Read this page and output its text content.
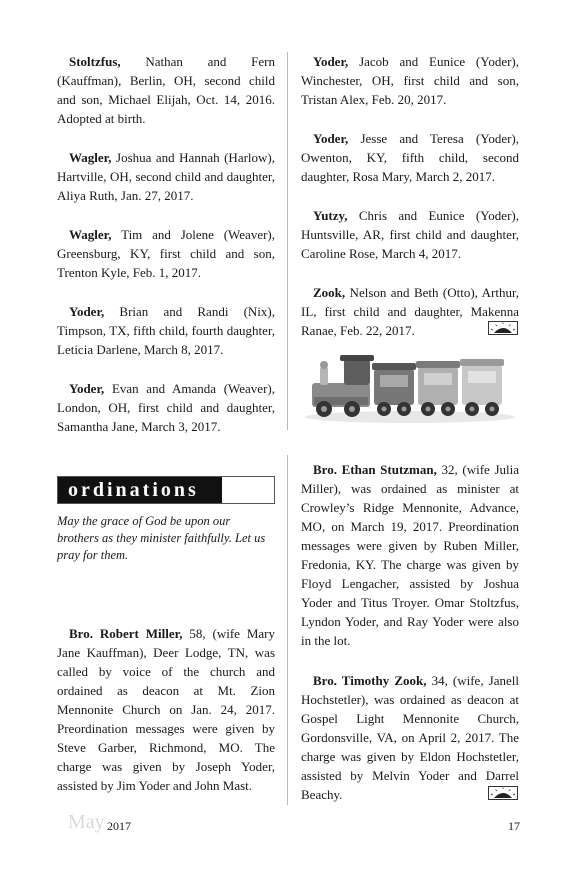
Stoltzfus, Nathan and Fern (Kauffman), Berlin, OH, second child and son, Michael Elijah, Oct. 14, 2016. Adopted at birth.

Wagler, Joshua and Hannah (Harlow), Hartville, OH, second child and daughter, Aliya Ruth, Jan. 27, 2017.

Wagler, Tim and Jolene (Weaver), Greensburg, KY, first child and son, Trenton Kyle, Feb. 1, 2017.

Yoder, Brian and Randi (Nix), Timpson, TX, fifth child, fourth daughter, Leticia Darlene, March 8, 2017.

Yoder, Evan and Amanda (Weaver), London, OH, first child and daughter, Samantha Jane, March 3, 2017.

Yoder, Jacob and Eunice (Yoder), Winchester, OH, first child and son, Tristan Alex, Feb. 20, 2017.

Yoder, Jesse and Teresa (Yoder), Owenton, KY, fifth child, second daughter, Rosa Mary, March 2, 2017.

Yutzy, Chris and Eunice (Yoder), Huntsville, AR, first child and daughter, Caroline Rose, March 4, 2017.

Zook, Nelson and Beth (Otto), Arthur, IL, first child and daughter, Makenna Ranae, Feb. 22, 2017.

ordinations

May the grace of God be upon our brothers as they minister faithfully. Let us pray for them.

Bro. Robert Miller, 58, (wife Mary Jane Kauffman), Deer Lodge, TN, was called by voice of the church and ordained as deacon at Mt. Zion Mennonite Church on Jan. 24, 2017. Preordination messages were given by Steve Garber, Richmond, MO. The charge was given by Joseph Yoder, assisted by Jim Yoder and John Mast.

Bro. Ethan Stutzman, 32, (wife Julia Miller), was ordained as minister at Crowley’s Ridge Mennonite, Advance, MO, on March 19, 2017. Preordination messages were given by Ruben Miller, Fredonia, KY. The charge was given by Floyd Lengacher, assisted by Joshua Yoder and Titus Troyer. Omar Stoltzfus, Lyndon Yoder, and Ray Yoder were also in the lot.

Bro. Timothy Zook, 34, (wife, Janell Hochstetler), was ordained as deacon at Gospel Light Mennonite Church, Gordonsville, VA, on April 2, 2017. The charge was given by Eldon Hochstetler, assisted by Melvin Yoder and Darrel Beachy.

May 2017	17
